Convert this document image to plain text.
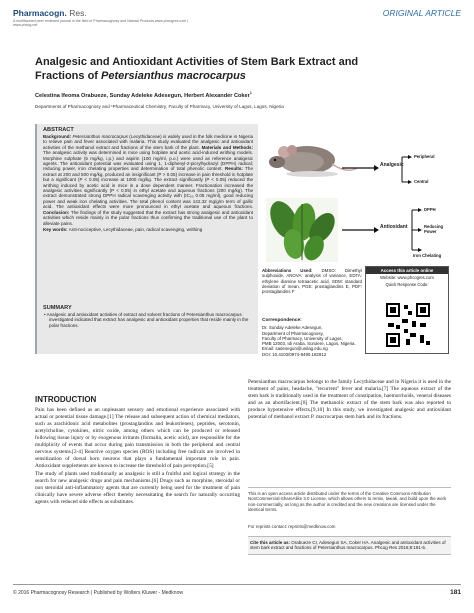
Pharmacogn. Res.
A multifaceted peer reviewed journal in the field of Pharmacognosy and Natural Products www.phcogres.com | www.phcog.net
ORIGINAL ARTICLE
Analgesic and Antioxidant Activities of Stem Bark Extract and
Fractions of Petersianthus macrocarpus
Celestina Ifeoma Orabueze, Sunday Adeleke Adesegun, Herbert Alexander Coker$^1$
Departments of Pharmacognosy and ¹Pharmaceutical Chemistry, Faculty of Pharmacy, University of Lagos, Lagos, Nigeria
ABSTRACT
Background: Petersianthus macrocarpus (Lecythidaceae) is widely used in the folk medicine in Nigeria to relieve pain and fever associated with malaria. This study evaluated the analgesic and antioxidant activities of the methanol extract and fractions of the stem bark of the plant. Materials and Methods: The analgesic activity was determined in mice using hotplate and acetic acid-induced writhing models. Morphine sulphate (5 mg/kg, i.p.) and aspirin (100 mg/ml, p.o.) were used as reference analgesic agents. The antioxidant potential was evaluated using 1, 1-diphenyl-2-picrylhydrazyl (DPPH) radical; reducing power, iron chelating properties and determination of total phenolic content. Results: The extract at 200 and 500 mg/kg, produced an insignificant (P > 0.05) increase in pain threshold in hotplate but a significant (P < 0.05) increase at 1000 mg/kg. The extract significantly (P < 0.05) reduced the writhing induced by acetic acid in mice in a dose dependent manner. Fractionation increased the analgesic activities significantly (P < 0.05) in ethyl acetate and aqueous fractions (200 mg/kg). The extract demonstrated strong DPPH radical scavenging activity with (IC₅₀ 0.05 mg/ml), good reducing power and weak iron chelating activities. The total phenol content was 142.32 mg/g/m term of gallic acid. The antioxidant effects were more pronounced in ethyl acetate and aqueous fractions. Conclusion: The findings of the study suggested that the extract has strong analgesic and antioxidant activities which reside mainly in the polar fractions thus confirming the traditional use of the plant to alleviate pains.
Key words: Anti-nociceptive, Lecythidaceae, pain, radical scavenging, writhing
SUMMARY
• Analgesic and antioxidant activities of extract and solvent fractions of Petersianthus macrocarpus investigated indicated that extract has analgesic and antioxidant properties that reside mainly in the polar fractions.
Analgesic
Peripheral
Central
Antioxidant
DPPH
Reducing Power
Iron Chelating
Abbreviations Used: DMSO: Dimethyl sulphoxide, ANOVA: analysis of variance, EDTA: ethylene diamine tetraacetic acid, SDM: standard deviation of mean, PGE: prostaglandins E, PDF: prostaglandins F
Correspondence:
Dr. Sunday Adeleke Adesegun,
Department of Pharmacognosy,
Faculty of Pharmacy, University of Lagos,
PMB 12003, Idi Araba, Surulere, Lagos, Nigeria.
Email: sadesegun@unilag.edu.ng
DOI: 10.4103/0974-8490.182912
Access this article online
Website: www.phcogres.com
Quick Response Code:
INTRODUCTION

Pain has been defined as an unpleasant sensory and emotional experience associated with actual or potential tissue damage.[1] The release and subsequent action of chemical mediators, such as arachidonic acid metabolites (prostaglandins and leukotrienes), peptides, serotonin, acetylcholine, cytokines, nitric oxide, among others which can be produced or released following tissue injury or by exogenous irritants (formalin, acetic acid), are responsible for the multiplicity of events that occur during pain transmission in both the peripheral and central nervous systems.[2-4] Reactive oxygen species (ROS) including free radicals are involved in sensitization of dorsal horn neurons that plays a fundamental important role in pain. Antioxidant supplements are known to increase the threshold of pain perception.[5]

The study of plants used traditionally as analgesic is still a fruitful and logical strategy in the search for new analgesic drugs and pain mechanisms.[6] Drugs such as morphine, steroidal or non steroidal anti-inflammatory agents that are currently being used for the treatment of pain clinically have severe adverse effect thereby necessitating the search for naturally occurring agents with reduced side effects as substitutes.

Petersianthus macrocarpus belongs to the family Lecythidaceae and in Nigeria it is used in the treatment of pains, headache, "recurrent" fever and malaria.[7] The aqueous extract of the stem bark is traditionally used in the treatment of constipation, haemorrhoids, veneral diseases and as an abortifacient.[8] The methanolic extract of the stem bark was also reported to produce hypotensive effects.[9,10] In this study, we investigated analgesic and antioxidant potential of methanol extract P. macrocarpus stem bark and its fractions.

This is an open access article distributed under the terms of the Creative Commons Attribution NonCommercial-ShareAlike 3.0 License, which allows others to remix, tweak, and build upon the work non-commercially, as long as the author is credited and the new creations are licensed under the identical terms.
For reprints contact: reprints@medknow.com
Cite this article as: Orabueze CI, Adesegun SA, Coker HA. Analgesic and antioxidant activities of stem bark extract and fractions of Petersianthus macrocarpus. Phcog Res 2016;8:181-5.
© 2016 Pharmacognosy Research | Published by Wolters Kluwer - Medknow	181
